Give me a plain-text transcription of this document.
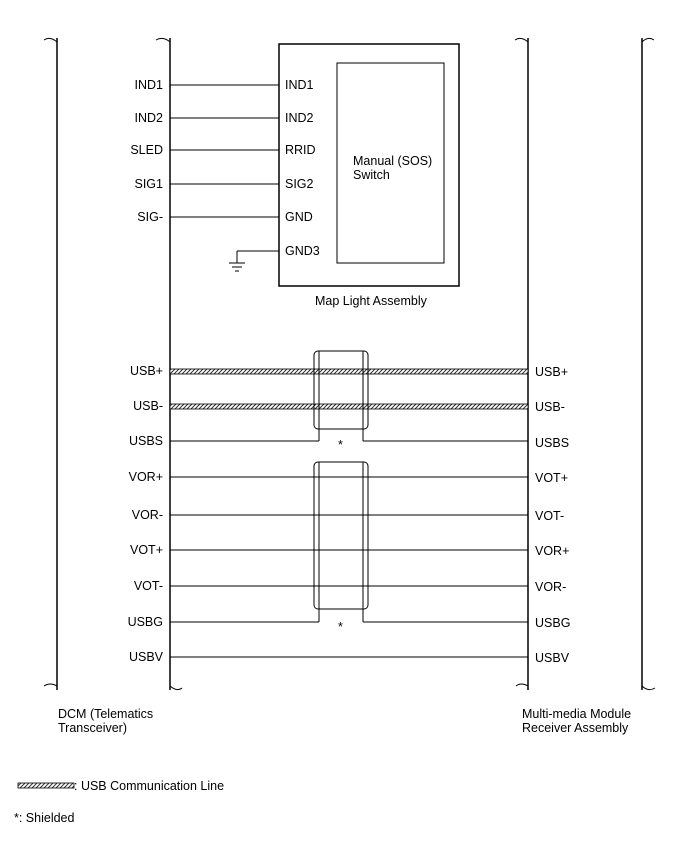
Manual (SOS)
Switch
Map Light Assembly
*
*
IND1
IND2
SLED
SIG1
SIG-
USB+
USB-
USBS
VOR+
VOR-
VOT+
VOT-
USBG
USBV
IND1
IND2
RRID
SIG2
GND
GND3
USB+
USB-
USBS
VOT+
VOT-
VOR+
VOR-
USBG
USBV
DCM (Telematics
Transceiver)
Multi-media Module
Receiver Assembly
: USB Communication Line
*: Shielded
